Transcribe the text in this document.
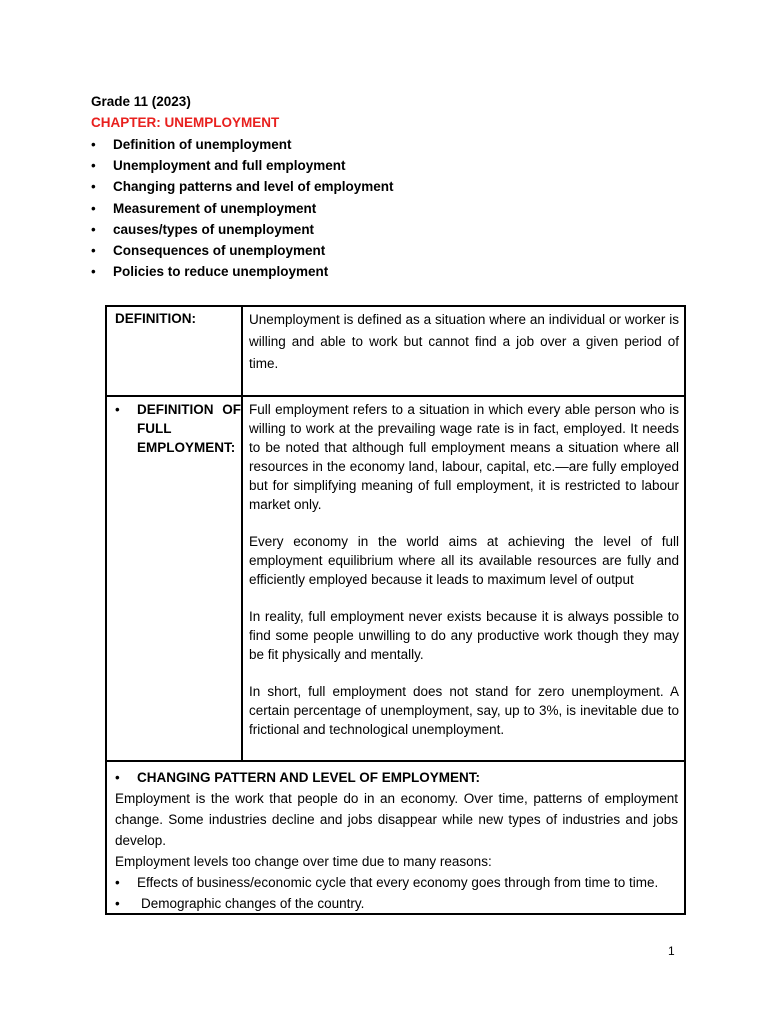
Grade 11 (2023)
CHAPTER: UNEMPLOYMENT
• Definition of unemployment
• Unemployment and full employment
• Changing patterns and level of employment
• Measurement of unemployment
• causes/types of unemployment
• Consequences of unemployment
• Policies to reduce unemployment
DEFINITION:	Unemployment is defined as a situation where an individual or worker is willing and able to work but cannot find a job over a given period of time.
• DEFINITION OF FULL EMPLOYMENT:

Full employment refers to a situation in which every able person who is willing to work at the prevailing wage rate is in fact, employed. It needs to be noted that although full employment means a situation where all resources in the economy land, labour, capital, etc.—are fully employed but for simplifying meaning of full employment, it is restricted to labour market only.

Every economy in the world aims at achieving the level of full employment equilibrium where all its available resources are fully and efficiently employed because it leads to maximum level of output

In reality, full employment never exists because it is always possible to find some people unwilling to do any productive work though they may be fit physically and mentally.

In short, full employment does not stand for zero unemployment. A certain percentage of unemployment, say, up to 3%, is inevitable due to frictional and technological unemployment.

• CHANGING PATTERN AND LEVEL OF EMPLOYMENT:
Employment is the work that people do in an economy. Over time, patterns of employment change. Some industries decline and jobs disappear while new types of industries and jobs develop.
Employment levels too change over time due to many reasons:
• Effects of business/economic cycle that every economy goes through from time to time.
• Demographic changes of the country.
1
